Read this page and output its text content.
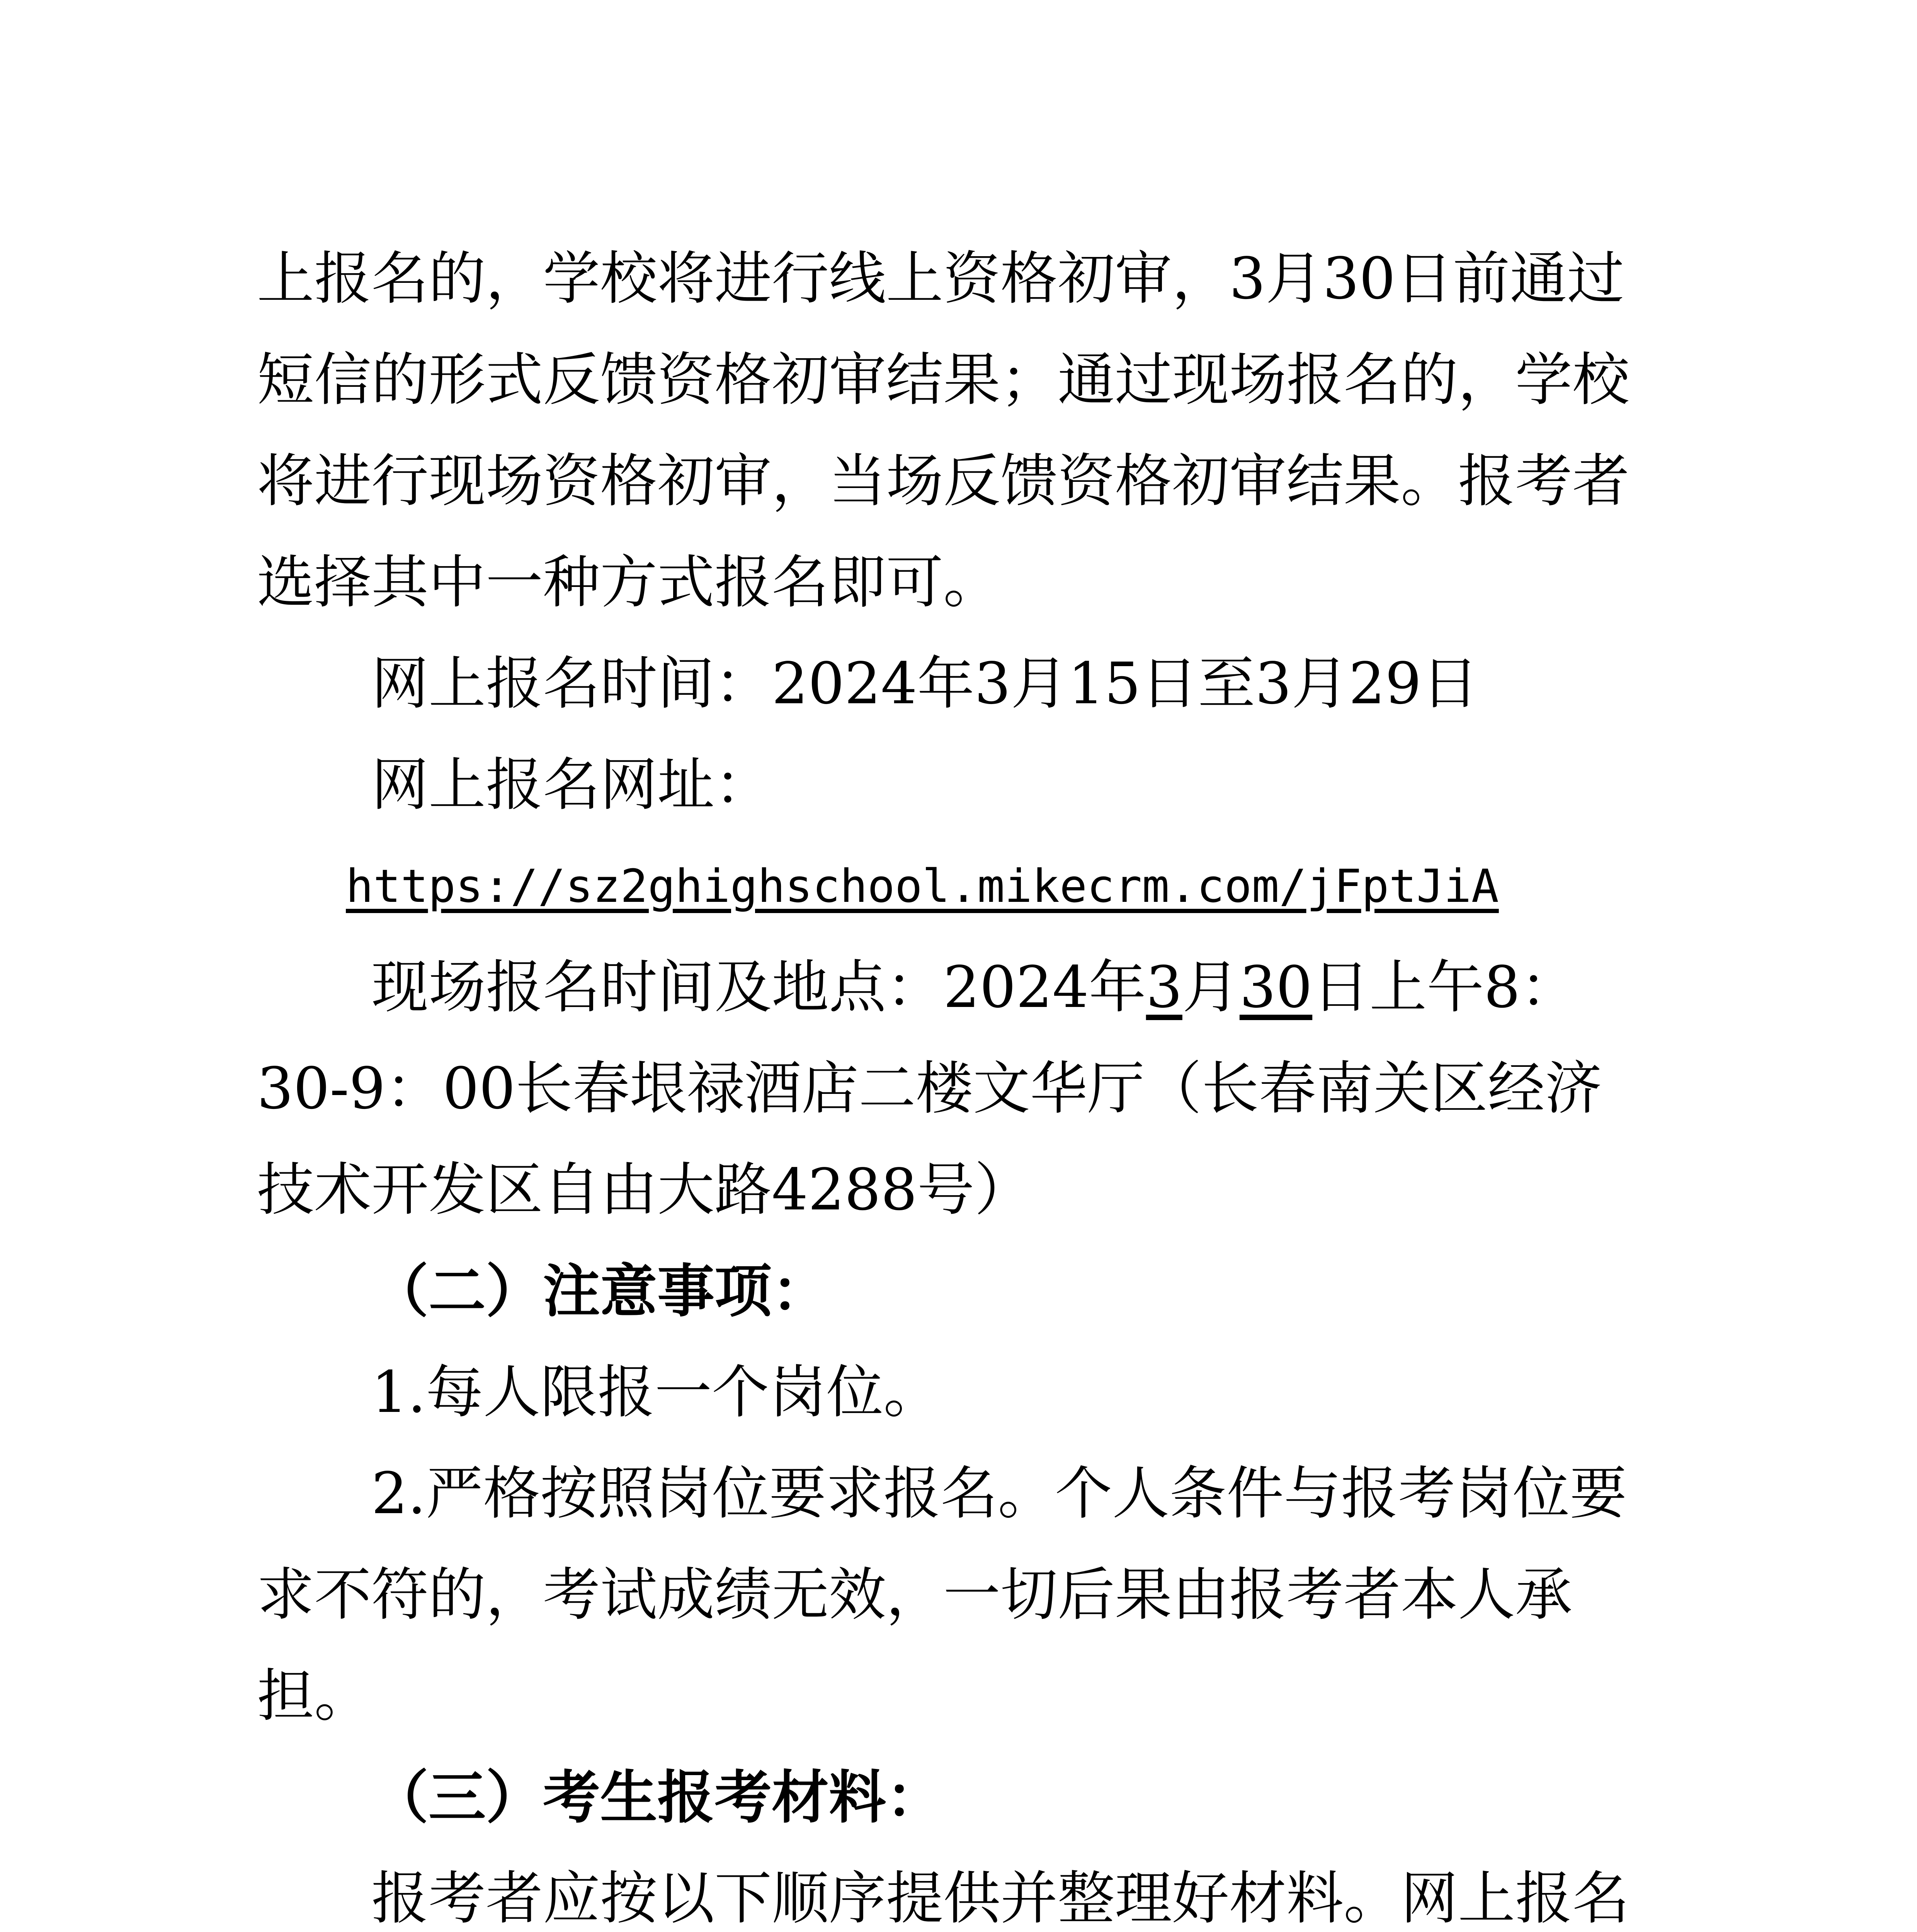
上报名的，学校将进行线上资格初审，3月30日前通过短信的形式反馈资格初审结果；通过现场报名的，学校将进行现场资格初审，当场反馈资格初审结果。报考者选择其中一种方式报名即可。

网上报名时间：2024年3月15日至3月29日

网上报名网址：

https://sz2ghighschool.mikecrm.com/jFptJiA

现场报名时间及地点：2024年3月30日上午8：30-9：00长春垠禄酒店二楼文华厅（长春南关区经济技术开发区自由大路4288号）

（二）注意事项：

1.每人限报一个岗位。

2.严格按照岗位要求报名。个人条件与报考岗位要求不符的，考试成绩无效，一切后果由报考者本人承担。

（三）考生报考材料：

报考者应按以下顺序提供并整理好材料。网上报名
